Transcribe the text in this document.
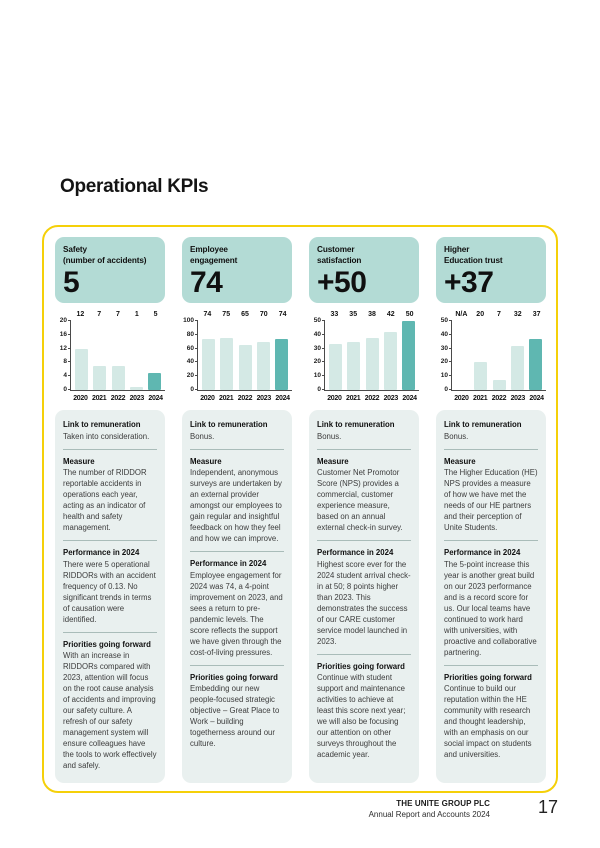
Operational KPIs
Safety
(number of accidents)
5
12	7	7	1	5
0
4
8
12
16
20
2020 2021 2022 2023 2024
Link to remuneration
Taken into consideration.
Measure
The number of RIDDOR reportable accidents in operations each year, acting as an indicator of health and safety management.
Performance in 2024
There were 5 operational RIDDORs with an accident frequency of 0.13. No significant trends in terms of causation were identified.
Priorities going forward
With an increase in RIDDORs compared with 2023, attention will focus on the root cause analysis of accidents and improving our safety culture. A refresh of our safety management system will ensure colleagues have the tools to work effectively and safely.
Employee
engagement
74
74	75	65	70	74
0
20
40
60
80
100
2020 2021 2022 2023 2024
Link to remuneration
Bonus.
Measure
Independent, anonymous surveys are undertaken by an external provider amongst our employees to gain regular and insightful feedback on how they feel and how we can improve.
Performance in 2024
Employee engagement for 2024 was 74, a 4-point improvement on 2023, and sees a return to pre-pandemic levels. The score reflects the support we have given through the cost-of-living pressures.
Priorities going forward
Embedding our new people-focused strategic objective – Great Place to Work – building togetherness around our culture.
Customer
satisfaction
+50
33	35	38	42	50
0
10
20
30
40
50
2020 2021 2022 2023 2024
Link to remuneration
Bonus.
Measure
Customer Net Promotor Score (NPS) provides a commercial, customer experience measure, based on an annual external check-in survey.
Performance in 2024
Highest score ever for the 2024 student arrival check-in at 50; 8 points higher than 2023. This demonstrates the success of our CARE customer service model launched in 2023.
Priorities going forward
Continue with student support and maintenance activities to achieve at least this score next year; we will also be focusing our attention on other surveys throughout the academic year.
Higher
Education trust
+37
N/A	20	7	32	37
0
10
20
30
40
50
2020 2021 2022 2023 2024
Link to remuneration
Bonus.
Measure
The Higher Education (HE) NPS provides a measure of how we have met the needs of our HE partners and their perception of Unite Students.
Performance in 2024
The 5-point increase this year is another great build on our 2023 performance and is a record score for us. Our local teams have continued to work hard with universities, with proactive and collaborative partnering.
Priorities going forward
Continue to build our reputation within the HE community with research and thought leadership, with an emphasis on our social impact on students and universities.
THE UNITE GROUP PLC
Annual Report and Accounts 2024	17
